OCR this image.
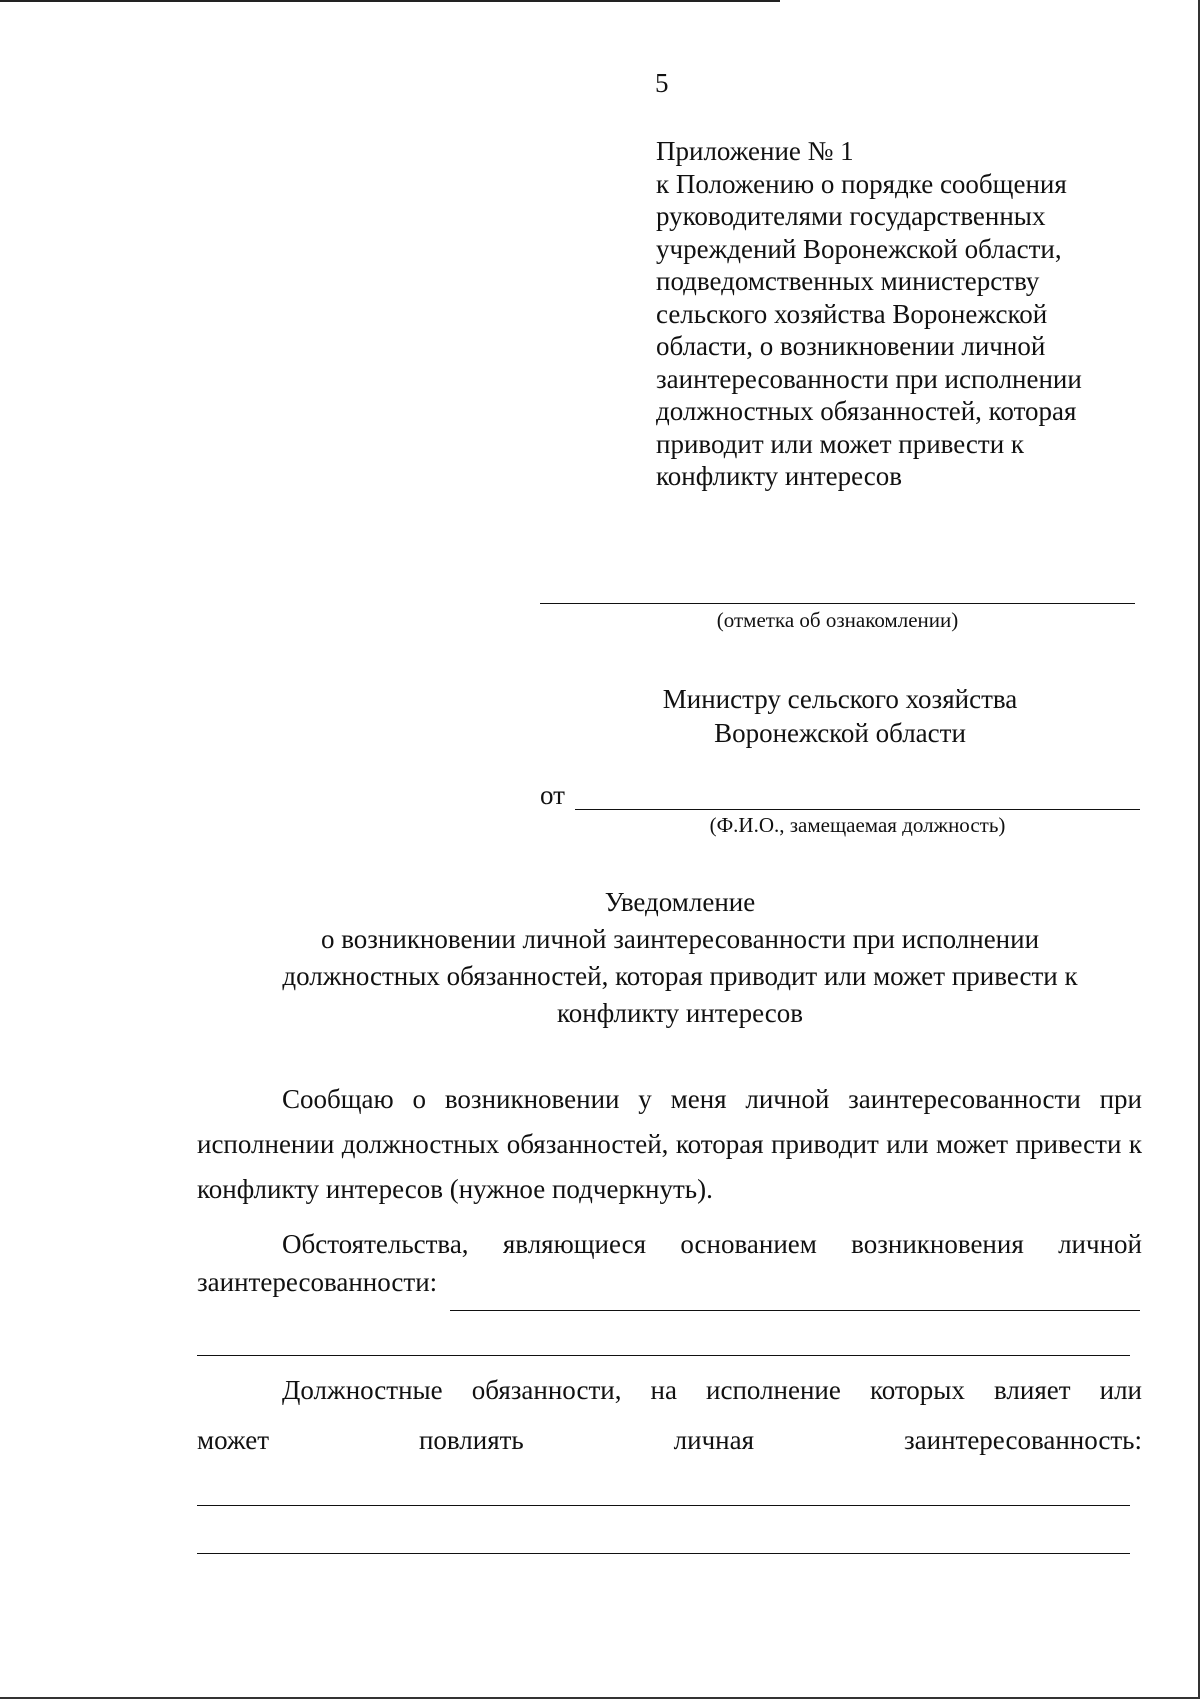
5
Приложение № 1
к Положению о порядке сообщения
руководителями государственных
учреждений Воронежской области,
подведомственных министерству
сельского хозяйства Воронежской
области, о возникновении личной
заинтересованности при исполнении
должностных обязанностей, которая
приводит или может привести к
конфликту интересов
(отметка об ознакомлении)
Министру сельского хозяйства
Воронежской области
от
(Ф.И.О., замещаемая должность)
Уведомление
о возникновении личной заинтересованности при исполнении
должностных обязанностей, которая приводит или может привести к
конфликту интересов
Сообщаю о возникновении у меня личной заинтересованности при исполнении должностных обязанностей, которая приводит или может привести к конфликту интересов (нужное подчеркнуть).
Обстоятельства, являющиеся основанием возникновения личной
заинтересованности:
Должностные обязанности, на исполнение которых влияет или
может	повлиять	личная	заинтересованность:
